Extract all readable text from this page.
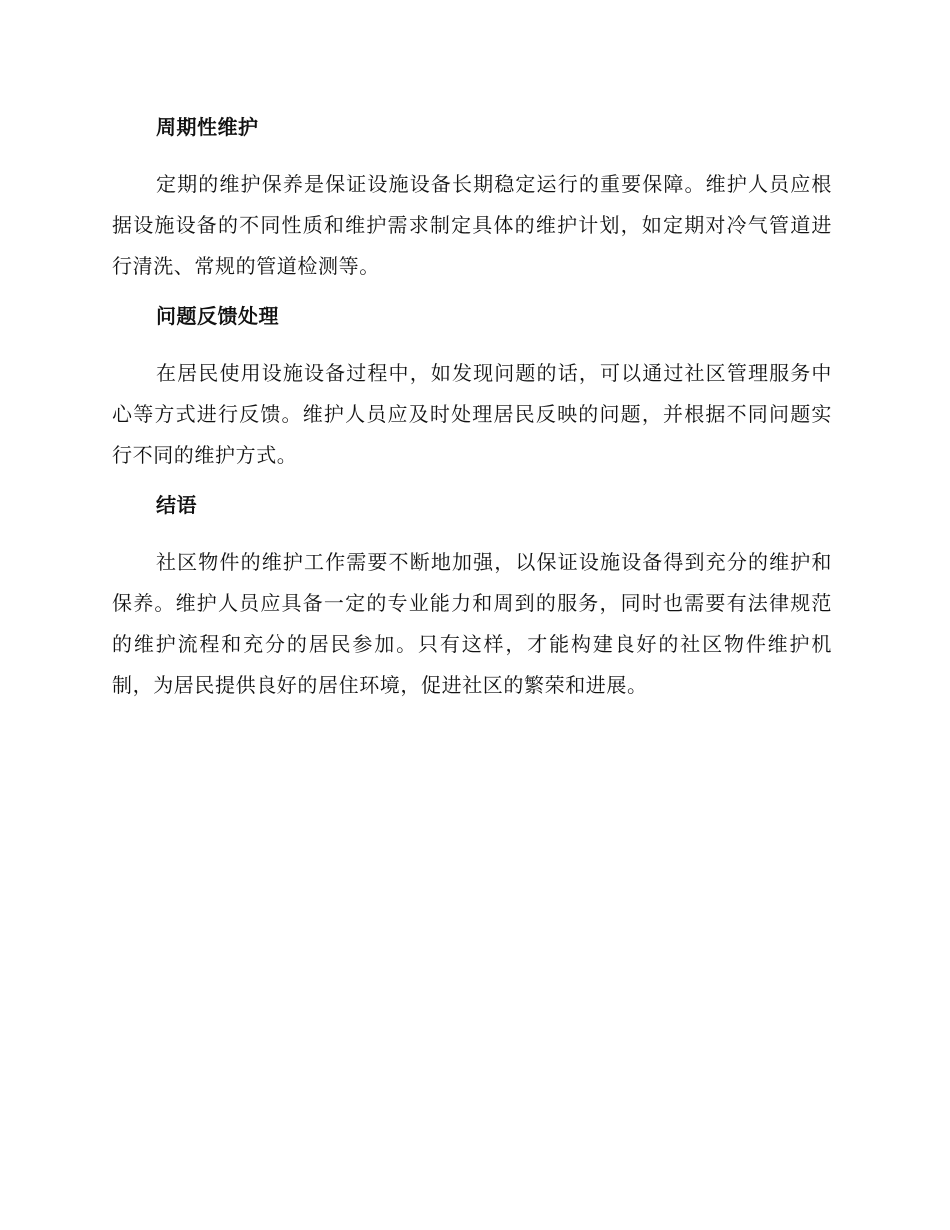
周期性维护

定期的维护保养是保证设施设备长期稳定运行的重要保障。维护人员应根据设施设备的不同性质和维护需求制定具体的维护计划，如定期对冷气管道进行清洗、常规的管道检测等。

问题反馈处理

在居民使用设施设备过程中，如发现问题的话，可以通过社区管理服务中心等方式进行反馈。维护人员应及时处理居民反映的问题，并根据不同问题实行不同的维护方式。

结语

社区物件的维护工作需要不断地加强，以保证设施设备得到充分的维护和保养。维护人员应具备一定的专业能力和周到的服务，同时也需要有法律规范的维护流程和充分的居民参加。只有这样，才能构建良好的社区物件维护机制，为居民提供良好的居住环境，促进社区的繁荣和进展。
